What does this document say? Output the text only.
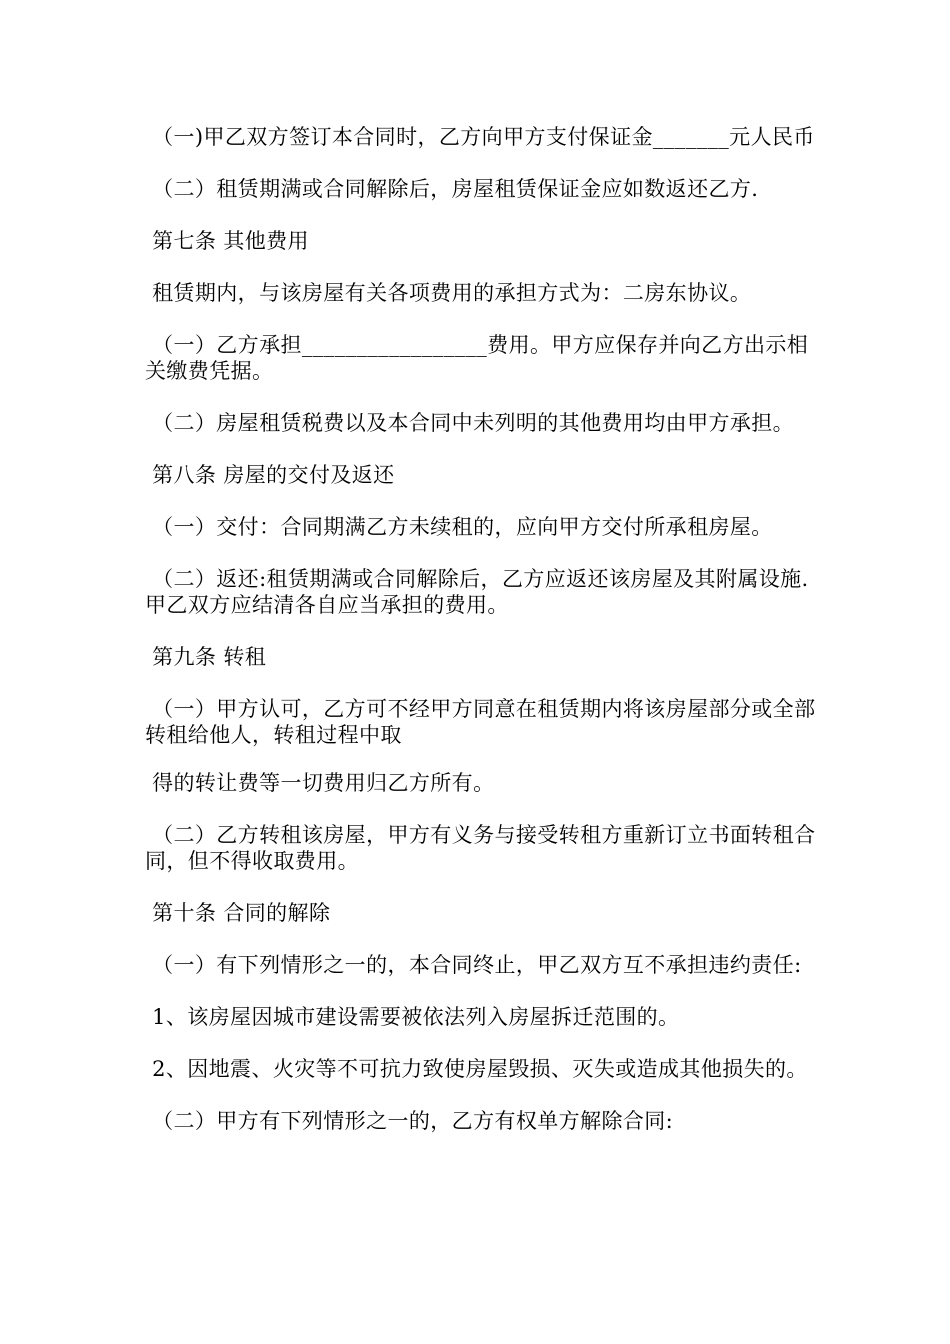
（一)甲乙双方签订本合同时，乙方向甲方支付保证金_______元人民币

（二）租赁期满或合同解除后，房屋租赁保证金应如数返还乙方.

第七条 其他费用

租赁期内，与该房屋有关各项费用的承担方式为：二房东协议。

（一）乙方承担_________________费用。甲方应保存并向乙方出示相关缴费凭据。

（二）房屋租赁税费以及本合同中未列明的其他费用均由甲方承担。

第八条 房屋的交付及返还

（一）交付：合同期满乙方未续租的，应向甲方交付所承租房屋。

（二）返还:租赁期满或合同解除后，乙方应返还该房屋及其附属设施.甲乙双方应结清各自应当承担的费用。

第九条 转租

（一）甲方认可，乙方可不经甲方同意在租赁期内将该房屋部分或全部转租给他人，转租过程中取

得的转让费等一切费用归乙方所有。

（二）乙方转租该房屋，甲方有义务与接受转租方重新订立书面转租合同，但不得收取费用。

第十条 合同的解除

（一）有下列情形之一的，本合同终止，甲乙双方互不承担违约责任:

1、该房屋因城市建设需要被依法列入房屋拆迁范围的。

2、因地震、火灾等不可抗力致使房屋毁损、灭失或造成其他损失的。

（二）甲方有下列情形之一的，乙方有权单方解除合同:
